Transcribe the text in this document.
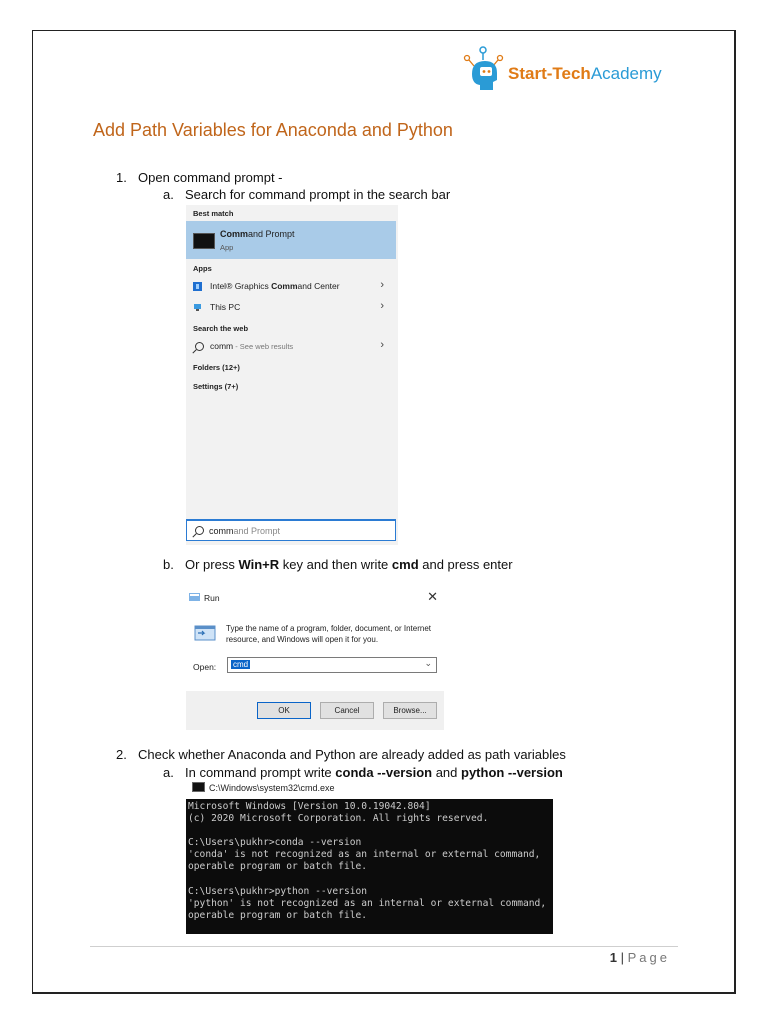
Start-TechAcademy
Add Path Variables for Anaconda and Python
1. Open command prompt -
a. Search for command prompt in the search bar
Best match
Command Prompt
App
Apps
Intel® Graphics Command Center	›
This PC	›
Search the web
comm - See web results	›
Folders (12+)
Settings (7+)
command Prompt
b. Or press Win+R key and then write cmd and press enter
Run	✕
Type the name of a program, folder, document, or Internet resource, and Windows will open it for you.
Open: cmd	⌄
OK	Cancel	Browse...
2. Check whether Anaconda and Python are already added as path variables
a. In command prompt write conda --version and python --version
C:\Windows\system32\cmd.exe
Microsoft Windows [Version 10.0.19042.804]
(c) 2020 Microsoft Corporation. All rights reserved.
C:\Users\pukhr>conda --version
'conda' is not recognized as an internal or external command,
operable program or batch file.
C:\Users\pukhr>python --version
'python' is not recognized as an internal or external command,
operable program or batch file.
1 | Page
